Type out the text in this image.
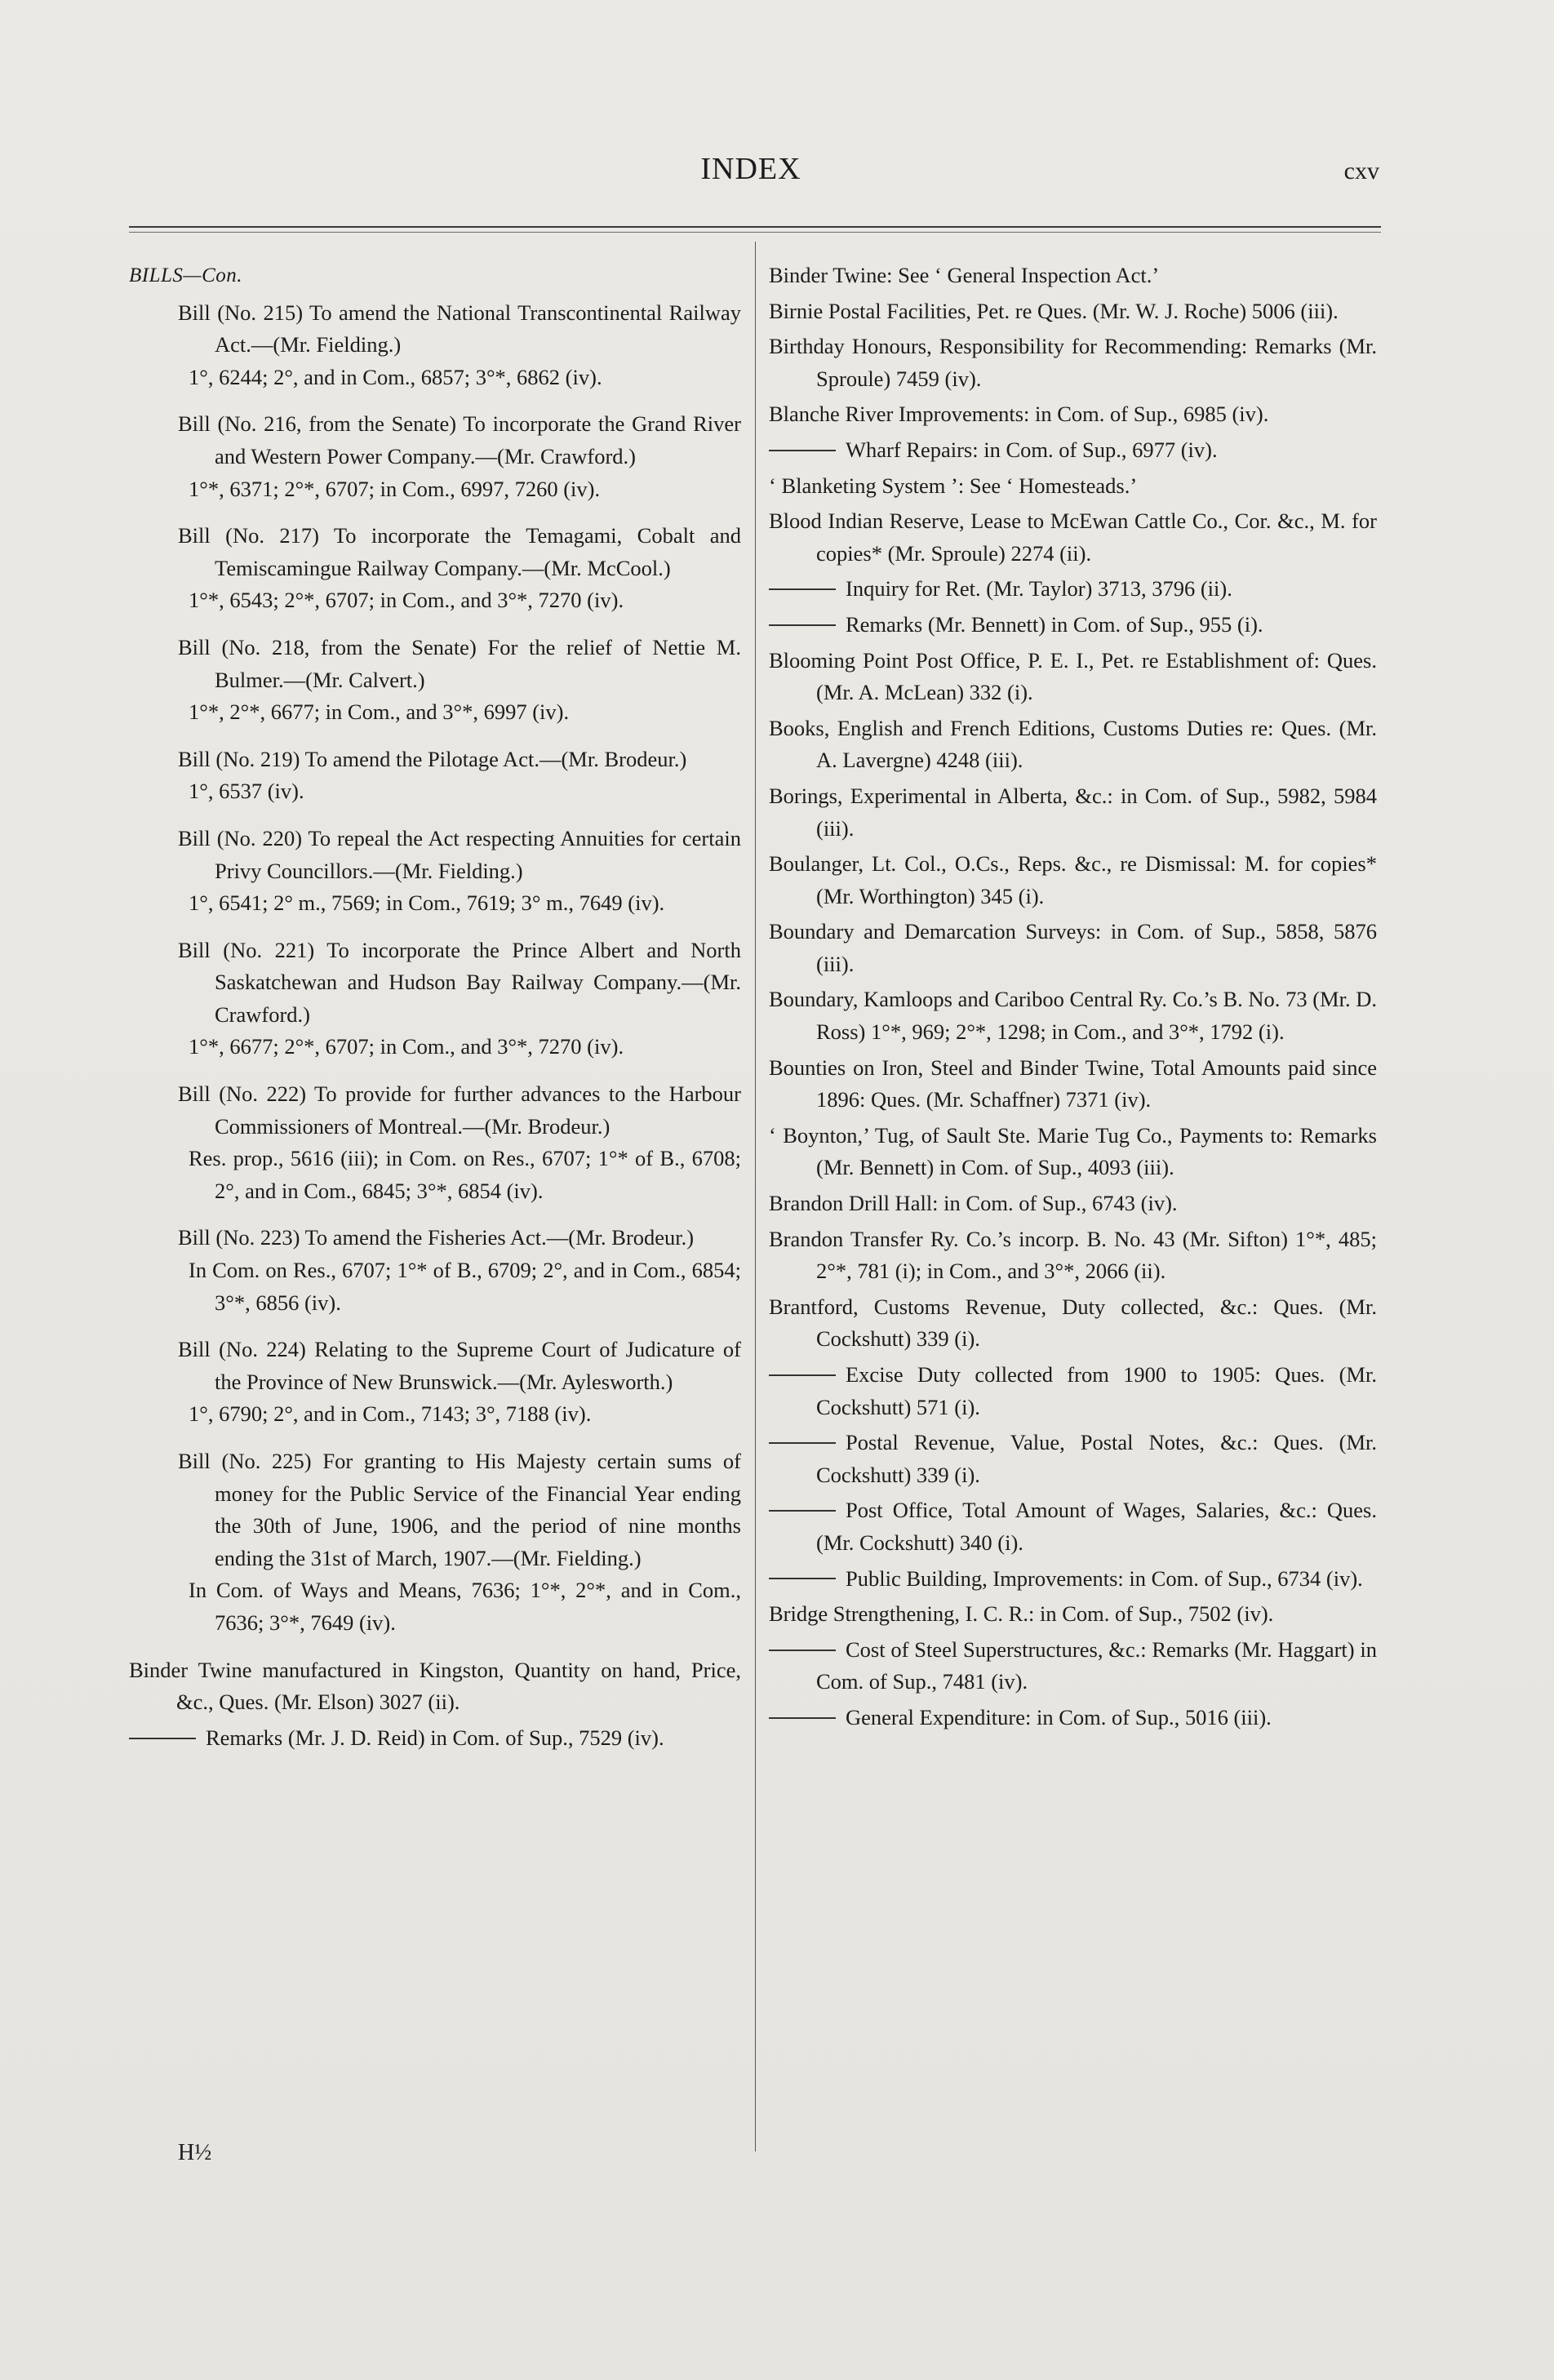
INDEX	cxv
BILLS—Con.

Bill (No. 215) To amend the National Transcontinental Railway Act.—(Mr. Fielding.)

1°, 6244; 2°, and in Com., 6857; 3°*, 6862 (iv).

Bill (No. 216, from the Senate) To incorporate the Grand River and Western Power Company.—(Mr. Crawford.)

1°*, 6371; 2°*, 6707; in Com., 6997, 7260 (iv).

Bill (No. 217) To incorporate the Temagami, Cobalt and Temiscamingue Railway Company.—(Mr. McCool.)

1°*, 6543; 2°*, 6707; in Com., and 3°*, 7270 (iv).

Bill (No. 218, from the Senate) For the relief of Nettie M. Bulmer.—(Mr. Calvert.)

1°*, 2°*, 6677; in Com., and 3°*, 6997 (iv).

Bill (No. 219) To amend the Pilotage Act.—(Mr. Brodeur.)

1°, 6537 (iv).

Bill (No. 220) To repeal the Act respecting Annuities for certain Privy Councillors.—(Mr. Fielding.)

1°, 6541; 2° m., 7569; in Com., 7619; 3° m., 7649 (iv).

Bill (No. 221) To incorporate the Prince Albert and North Saskatchewan and Hudson Bay Railway Company.—(Mr. Crawford.)

1°*, 6677; 2°*, 6707; in Com., and 3°*, 7270 (iv).

Bill (No. 222) To provide for further advances to the Harbour Commissioners of Montreal.—(Mr. Brodeur.)

Res. prop., 5616 (iii); in Com. on Res., 6707; 1°* of B., 6708; 2°, and in Com., 6845; 3°*, 6854 (iv).

Bill (No. 223) To amend the Fisheries Act.—(Mr. Brodeur.)

In Com. on Res., 6707; 1°* of B., 6709; 2°, and in Com., 6854; 3°*, 6856 (iv).

Bill (No. 224) Relating to the Supreme Court of Judicature of the Province of New Brunswick.—(Mr. Aylesworth.)

1°, 6790; 2°, and in Com., 7143; 3°, 7188 (iv).

Bill (No. 225) For granting to His Majesty certain sums of money for the Public Service of the Financial Year ending the 30th of June, 1906, and the period of nine months ending the 31st of March, 1907.—(Mr. Fielding.)

In Com. of Ways and Means, 7636; 1°*, 2°*, and in Com., 7636; 3°*, 7649 (iv).

Binder Twine manufactured in Kingston, Quantity on hand, Price, &c., Ques. (Mr. Elson) 3027 (ii).

Remarks (Mr. J. D. Reid) in Com. of Sup., 7529 (iv).

Binder Twine: See ‘ General Inspection Act.’

Birnie Postal Facilities, Pet. re Ques. (Mr. W. J. Roche) 5006 (iii).

Birthday Honours, Responsibility for Recommending: Remarks (Mr. Sproule) 7459 (iv).

Blanche River Improvements: in Com. of Sup., 6985 (iv).

Wharf Repairs: in Com. of Sup., 6977 (iv).

‘ Blanketing System ’: See ‘ Homesteads.’

Blood Indian Reserve, Lease to McEwan Cattle Co., Cor. &c., M. for copies* (Mr. Sproule) 2274 (ii).

Inquiry for Ret. (Mr. Taylor) 3713, 3796 (ii).

Remarks (Mr. Bennett) in Com. of Sup., 955 (i).

Blooming Point Post Office, P. E. I., Pet. re Establishment of: Ques. (Mr. A. McLean) 332 (i).

Books, English and French Editions, Customs Duties re: Ques. (Mr. A. Lavergne) 4248 (iii).

Borings, Experimental in Alberta, &c.: in Com. of Sup., 5982, 5984 (iii).

Boulanger, Lt. Col., O.Cs., Reps. &c., re Dismissal: M. for copies* (Mr. Worthington) 345 (i).

Boundary and Demarcation Surveys: in Com. of Sup., 5858, 5876 (iii).

Boundary, Kamloops and Cariboo Central Ry. Co.’s B. No. 73 (Mr. D. Ross) 1°*, 969; 2°*, 1298; in Com., and 3°*, 1792 (i).

Bounties on Iron, Steel and Binder Twine, Total Amounts paid since 1896: Ques. (Mr. Schaffner) 7371 (iv).

‘ Boynton,’ Tug, of Sault Ste. Marie Tug Co., Payments to: Remarks (Mr. Bennett) in Com. of Sup., 4093 (iii).

Brandon Drill Hall: in Com. of Sup., 6743 (iv).

Brandon Transfer Ry. Co.’s incorp. B. No. 43 (Mr. Sifton) 1°*, 485; 2°*, 781 (i); in Com., and 3°*, 2066 (ii).

Brantford, Customs Revenue, Duty collected, &c.: Ques. (Mr. Cockshutt) 339 (i).

Excise Duty collected from 1900 to 1905: Ques. (Mr. Cockshutt) 571 (i).

Postal Revenue, Value, Postal Notes, &c.: Ques. (Mr. Cockshutt) 339 (i).

Post Office, Total Amount of Wages, Salaries, &c.: Ques. (Mr. Cockshutt) 340 (i).

Public Building, Improvements: in Com. of Sup., 6734 (iv).

Bridge Strengthening, I. C. R.: in Com. of Sup., 7502 (iv).

Cost of Steel Superstructures, &c.: Remarks (Mr. Haggart) in Com. of Sup., 7481 (iv).

General Expenditure: in Com. of Sup., 5016 (iii).

H½
